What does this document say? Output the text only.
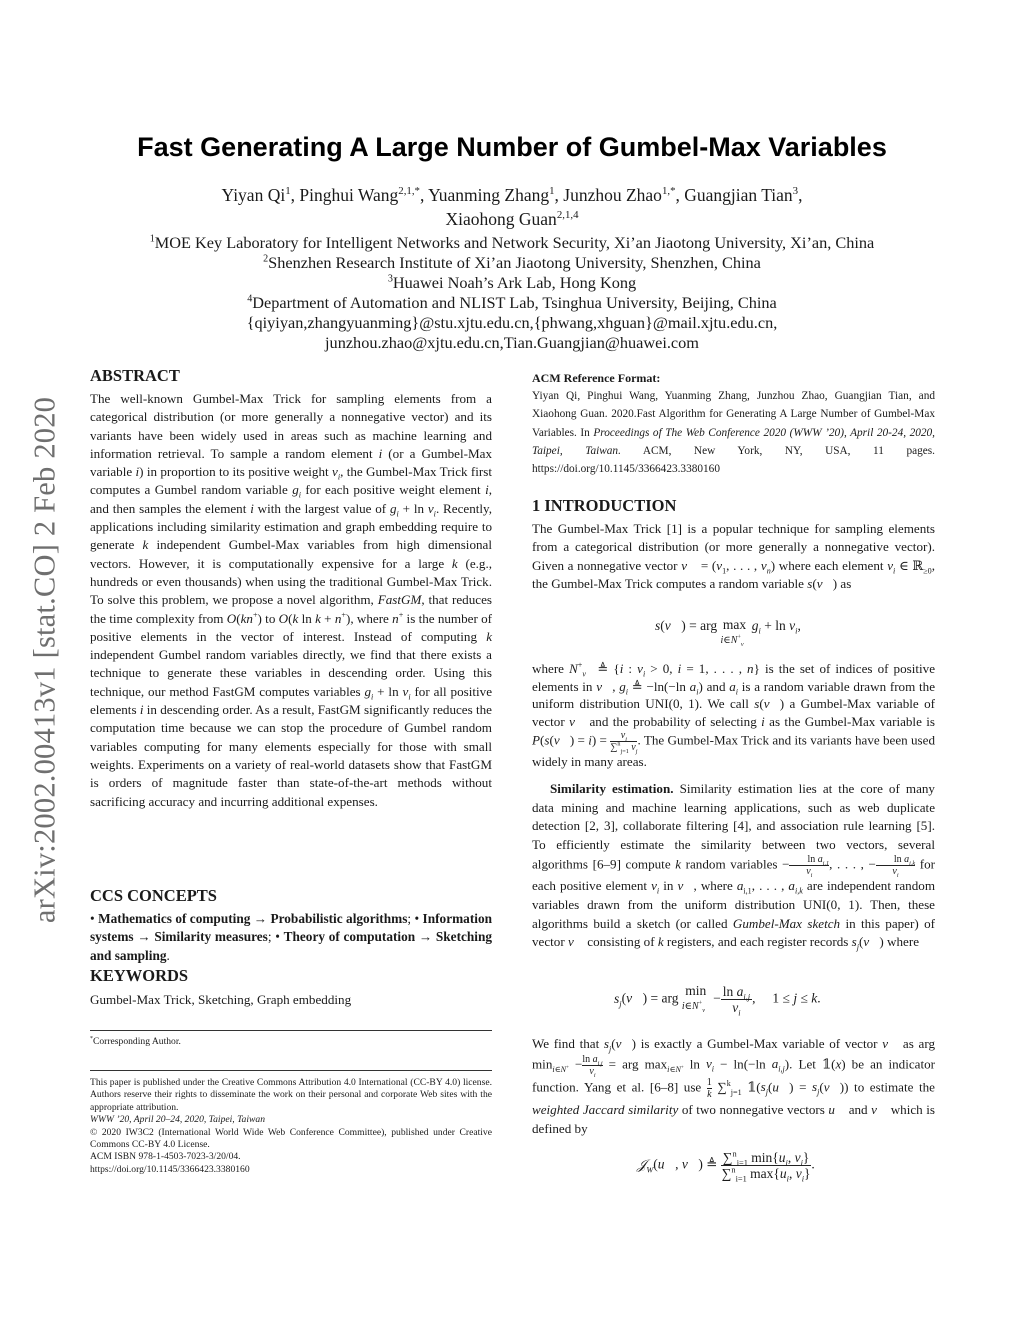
arXiv:2002.00413v1 [stat.CO] 2 Feb 2020
Fast Generating A Large Number of Gumbel-Max Variables
Yiyan Qi$^1$, Pinghui Wang$^{2,1,*}$, Yuanming Zhang$^1$, Junzhou Zhao$^{1,*}$, Guangjian Tian$^3$,
Xiaohong Guan$^{2,1,4}$
$^1$MOE Key Laboratory for Intelligent Networks and Network Security, Xi’an Jiaotong University, Xi’an, China
$^2$Shenzhen Research Institute of Xi’an Jiaotong University, Shenzhen, China
$^3$Huawei Noah’s Ark Lab, Hong Kong
$^4$Department of Automation and NLIST Lab, Tsinghua University, Beijing, China
{qiyiyan,zhangyuanming}@stu.xjtu.edu.cn,{phwang,xhguan}@mail.xjtu.edu.cn,
junzhou.zhao@xjtu.edu.cn,Tian.Guangjian@huawei.com
ABSTRACT
The well-known Gumbel-Max Trick for sampling elements from a categorical distribution (or more generally a nonnegative vector) and its variants have been widely used in areas such as machine learning and information retrieval. To sample a random element i (or a Gumbel-Max variable i) in proportion to its positive weight $v_i$, the Gumbel-Max Trick first computes a Gumbel random variable $g_i$ for each positive weight element i, and then samples the element i with the largest value of $g_i + \ln v_i$. Recently, applications including similarity estimation and graph embedding require to generate k independent Gumbel-Max variables from high dimensional vectors. However, it is computationally expensive for a large k (e.g., hundreds or even thousands) when using the traditional Gumbel-Max Trick. To solve this problem, we propose a novel algorithm, FastGM, that reduces the time complexity from O(kn+) to O(k ln k + n+), where n+ is the number of positive elements in the vector of interest. Instead of computing k independent Gumbel random variables directly, we find that there exists a technique to generate these variables in descending order. Using this technique, our method FastGM computes variables $g_i + \ln v_i$ for all positive elements i in descending order. As a result, FastGM significantly reduces the computation time because we can stop the procedure of Gumbel random variables computing for many elements especially for those with small weights. Experiments on a variety of real-world datasets show that FastGM is orders of magnitude faster than state-of-the-art methods without sacrificing accuracy and incurring additional expenses.
CCS CONCEPTS
• Mathematics of computing → Probabilistic algorithms; • Information systems → Similarity measures; • Theory of computation → Sketching and sampling.
KEYWORDS
Gumbel-Max Trick, Sketching, Graph embedding
*Corresponding Author.
This paper is published under the Creative Commons Attribution 4.0 International (CC-BY 4.0) license. Authors reserve their rights to disseminate the work on their personal and corporate Web sites with the appropriate attribution.
WWW ’20, April 20–24, 2020, Taipei, Taiwan
© 2020 IW3C2 (International World Wide Web Conference Committee), published under Creative Commons CC-BY 4.0 License.
ACM ISBN 978-1-4503-7023-3/20/04.
https://doi.org/10.1145/3366423.3380160
ACM Reference Format:
Yiyan Qi, Pinghui Wang, Yuanming Zhang, Junzhou Zhao, Guangjian Tian, and Xiaohong Guan. 2020.Fast Algorithm for Generating A Large Number of Gumbel-Max Variables. In Proceedings of The Web Conference 2020 (WWW ’20), April 20-24, 2020, Taipei, Taiwan. ACM, New York, NY, USA, 11 pages. https://doi.org/10.1145/3366423.3380160
1 INTRODUCTION
The Gumbel-Max Trick [1] is a popular technique for sampling elements from a categorical distribution (or more generally a nonnegative vector). Given a nonnegative vector v⃗ = ($v_1$, . . . , $v_n$) where each element $v_i$ ∈ ℝ$_{\ge 0}$, the Gumbel-Max Trick computes a random variable s(v⃗) as
s(v⃗) = arg max
$i\in N^+_{v⃗}$ $g_i + \ln v_i$,
where $N^+_{v⃗}$ ≜ {i : $v_i > 0$, i = 1, . . . , n} is the set of indices of positive elements in v⃗, $g_i$ ≜ −ln(−ln $a_i$) and $a_i$ is a random variable drawn from the uniform distribution UNI(0, 1). We call s(v⃗) a Gumbel-Max variable of vector v⃗ and the probability of selecting i as the Gumbel-Max variable is P(s(v⃗) = $i) = \frac{v_i}{\sum^n_{j=1} v_j}$. The Gumbel-Max Trick and its variants have been used widely in many areas.
Similarity estimation. Similarity estimation lies at the core of many data mining and machine learning applications, such as web duplicate detection [2, 3], collaborate filtering [4], and association rule learning [5]. To efficiently estimate the similarity between two vectors, several algorithms [6–9] compute k random variables − $\frac{\ln a_{i,1}}{v_i}$, . . . , − $\frac{\ln a_{i,k}}{v_i}$ for each positive element $v_i$ in v⃗, where $a_{i,1}$, . . . , $a_{i,k}$ are independent random variables drawn from the uniform distribution UNI(0, 1). Then, these algorithms build a sketch (or called Gumbel-Max sketch in this paper) of vector v⃗ consisting of k registers, and each register records $s_j(v⃗)$ where
$s_j(v⃗)$ = arg min
$i\in N^+_{v⃗} - \frac{\ln a_{i,j}}{v_i}$ ,     1 ≤ j ≤ k.
We find that $s_j(v⃗)$ is exactly a Gumbel-Max variable of vector v⃗ as arg $\min_{i\in N^+} - \frac{\ln a_{i,j}}{v_i}$ = arg $\max_{i\in N^+} \ln v_i - \ln(-\ln$ $a_{i,j}$). Let 𝟙(x) be an indicator function. Yang et al. [6–8] use $\frac{1}{k} \sum^k_{j=1}$ $𝟙(s_j(u⃗)$ = $s_j(v⃗)$) to estimate the weighted Jaccard similarity of two nonnegative vectors u⃗ and v⃗ which is defined by
𝒥$_W$(u⃗, v⃗) ≜ $\frac{\sum^n_{i=1} \min\{u_i, v_i\}}{\sum^n_{i=1} \max\{u_i, v_i\}}$ .
